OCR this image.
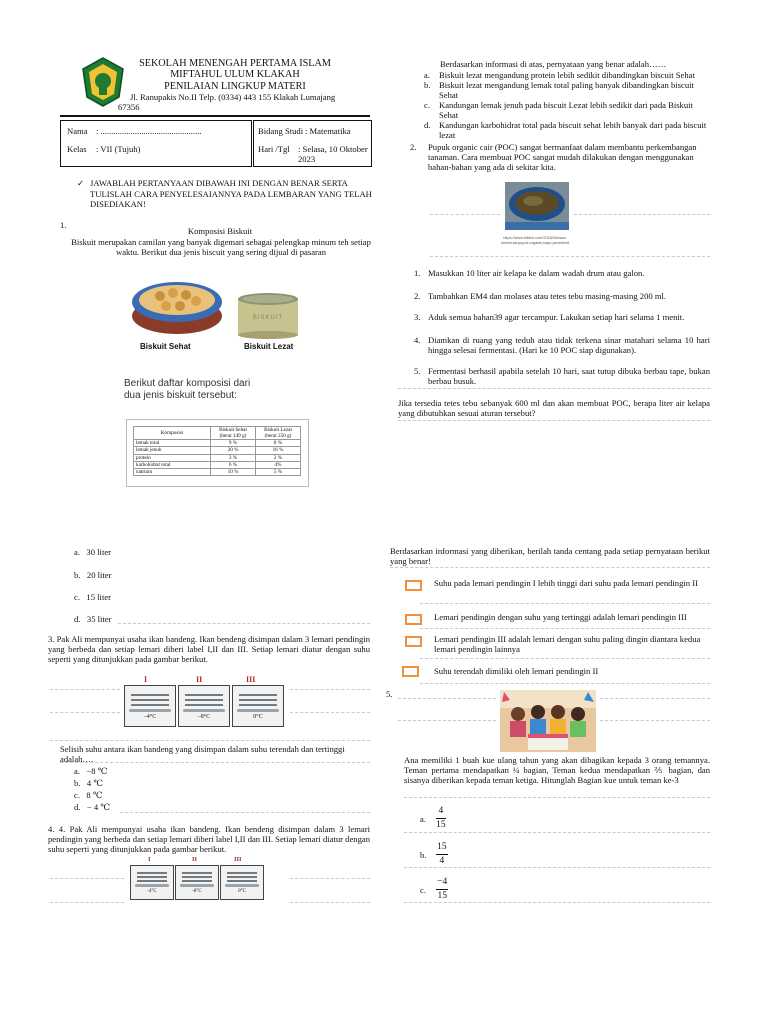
SEKOLAH MENENGAH PERTAMA ISLAM
MIFTAHUL ULUM KLAKAH
PENILAIAN LINGKUP MATERI
Jl. Ranupakis No.II Telp. (0334) 443 155 Klakah Lumajang
67356
Nama : ...............................................
Kelas : VII (Tujuh)
Bidang Studi : Matematika
Hari /Tgl : Selasa, 10 Oktober 2023
✓ JAWABLAH PERTANYAAN DIBAWAH INI DENGAN BENAR SERTA TULISLAH CARA PENYELESAIANNYA PADA LEMBARAN YANG TELAH DISEDIAKAN!
1.
Komposisi Biskuit
Biskuit merupakan camilan yang banyak digemari sebagai pelengkap minum teh setiap waktu. Berikut dua jenis biscuit yang sering dijual di pasaran
Biskuit Sehat
BISKUIT
Biskuit Lezat
Berikut daftar komposisi dari
dua jenis biskuit tersebut:
Komposisi	Biskuit Sehat (berat 149 g)	Biskuit Lezat (berat 250 g)
lemak total	9 %	8 %
lemak jenuh	20 %	16 %
protein	3 %	2 %
karbohidrat total	6 %	4%
natrium	10 %	5 %
a. 30 liter
b. 20 liter
c. 15 liter
d. 35 liter
3. Pak Ali mempunyai usaha ikan bandeng. Ikan bendeng disimpan dalam 3 lemari pendingin yang berbeda dan setiap lemari diberi label I,II dan III. Setiap lemari diatur dengan suhu seperti yang ditunjukkan pada gambar berikut.
I	II	III
–4°C	–8°C	0°C
Selisih suhu antara ikan bandeng yang disimpan dalam suhu terendah dan tertinggi adalah….
a. −8 ℃
b. 4 ℃
c. 8 ℃
d. − 4 ℃
4. 4. Pak Ali mempunyai usaha ikan bandeng. Ikan bendeng disimpan dalam 3 lemari pendingin yang berbeda dan setiap lemari diberi label I,II dan III. Setiap lemari diatur dengan suhu seperti yang ditunjukkan pada gambar berikut.
I	II	III
-4°C	-8°C	0°C
Berdasarkan informasi di atas, pernyataan yang benar adalah……
a. Biskuit lezat mengandung protein lebih sedikit dibandingkan biscuit Sehat
b. Biskuit lezat mengandung lemak total paling banyak dibandingkan biscuit Sehat
c.	Kandungan lemak jenuh pada biscuit Lezat lebih sedikit dari pada Biskuit Sehat
d. Kandungan karbohidrat total pada biscuit sehat lebih banyak dari pada biscuit lezat
2. Pupuk organic cair (POC) sangat bermanfaat dalam membantu perkembangan tanaman. Cara membuat POC sangat mudah dilakukan dengan menggunakan bahan-bahan yang ada di sekitar kita.
https://www.tribbin.com/2018/04/cara-membuat-pupuk-organik-kayu-penelersit
1. Masukkan 10 liter air kelapa ke dalam wadah drum atau galon.
2. Tambahkan EM4 dan molases atau tetes tebu masing-masing 200 ml.
3. Aduk semua bahan39 agar tercampur. Lakukan setiap hari selama 1 menit.
4. Diamkan di ruang yang teduh atau tidak terkena sinar matahari selama 10 hari hingga selesai fermentasi. (Hari ke 10 POC siap digunakan).
5. Fermentasi berhasil apabila setelah 10 hari, saat tutup dibuka berbau tape, bukan berbau busuk.
Jika tersedia tetes tebu sebanyak 600 ml dan akan membuat POC, berapa liter air kelapa yang dibutuhkan sesuai aturan tersebut?
Berdasarkan informasi yang diberikan, berilah tanda centang pada setiap pernyataan berikut yang benar!
Suhu pada lemari pendingin I lebih tinggi dari suhu pada lemari pendingin II
Lemari pendingin dengan suhu yang tertinggi adalah lemari pendingin III
Lemari pendingin III adalah lemari dengan suhu paling dingin diantara kedua lemari pendingin lainnya
Suhu terendah dimiliki oleh lemari pendingin II
5.
Ana memiliki 1 buah kue ulang tahun yang akan dibagikan kepada 3 orang temannya. Teman pertama mendapatkan ¼ bagian, Teman kedua mendapatkan ⅖ bagian, dan sisanya diberikan kepada teman ketiga. Hitunglah Bagian kue untuk teman ke-3
a. $\frac{4}{15}$
b. $\frac{15}{4}$
c. $\frac{-4}{15}$
